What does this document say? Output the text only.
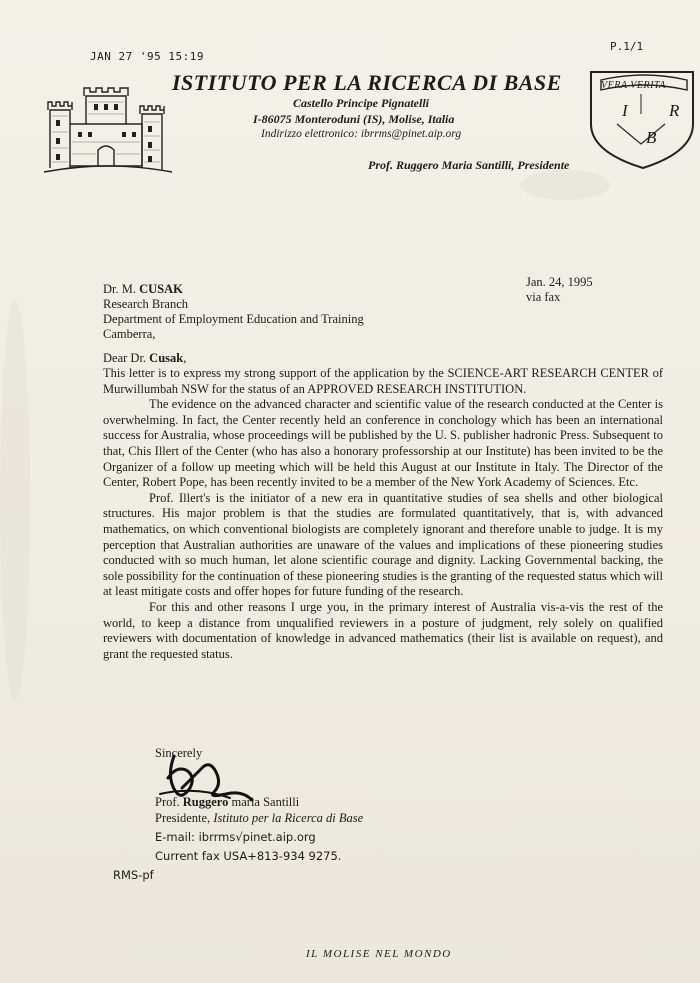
JAN 27 '95 15:19
P.1/1
ISTITUTO PER LA RICERCA DI BASE
Castello Principe Pignatelli
I-86075 Monteroduni (IS), Molise, Italia
Indirizzo elettronico: ibrrms@pinet.aip.org
Prof. Ruggero Maria Santilli, Presidente
VERA VERITA
I R
B
Dr. M. CUSAK
Research Branch
Department of Employment Education and Training
Camberra,
Jan. 24, 1995
via fax
Dear Dr. Cusak,

This letter is to express my strong support of the application by the SCIENCE-ART RESEARCH CENTER of Murwillumbah NSW for the status of an APPROVED RESEARCH INSTITUTION.

The evidence on the advanced character and scientific value of the research conducted at the Center is overwhelming. In fact, the Center recently held an conference in conchology which has been an international success for Australia, whose proceedings will be published by the U. S. publisher hadronic Press. Subsequent to that, Chis Illert of the Center (who has also a honorary professorship at our Institute) has been invited to be the Organizer of a follow up meeting which will be held this August at our Institute in Italy. The Director of the Center, Robert Pope, has been recently invited to be a member of the New York Academy of Sciences. Etc.

Prof. Illert's is the initiator of a new era in quantitative studies of sea shells and other biological structures. His major problem is that the studies are formulated quantitatively, that is, with advanced mathematics, on which conventional biologists are completely ignorant and therefore unable to judge. It is my perception that Australian authorities are unaware of the values and implications of these pioneering studies conducted with so much human, let alone scientific courage and dignity. Lacking Governmental backing, the sole possibility for the continuation of these pioneering studies is the granting of the requested status which will at least mitigate costs and offer hopes for future funding of the research.

For this and other reasons I urge you, in the primary interest of Australia vis-a-vis the rest of the world, to keep a distance from unqualified reviewers in a posture of judgment, rely solely on qualified reviewers with documentation of knowledge in advanced mathematics (their list is available on request), and grant the requested status.

Sincerely
Prof. Ruggero maria Santilli
Presidente, Istituto per la Ricerca di Base
E-mail: ibrrms√pinet.aip.org
Current fax USA+813-934 9275.
RMS-pf
IL MOLISE NEL MONDO
